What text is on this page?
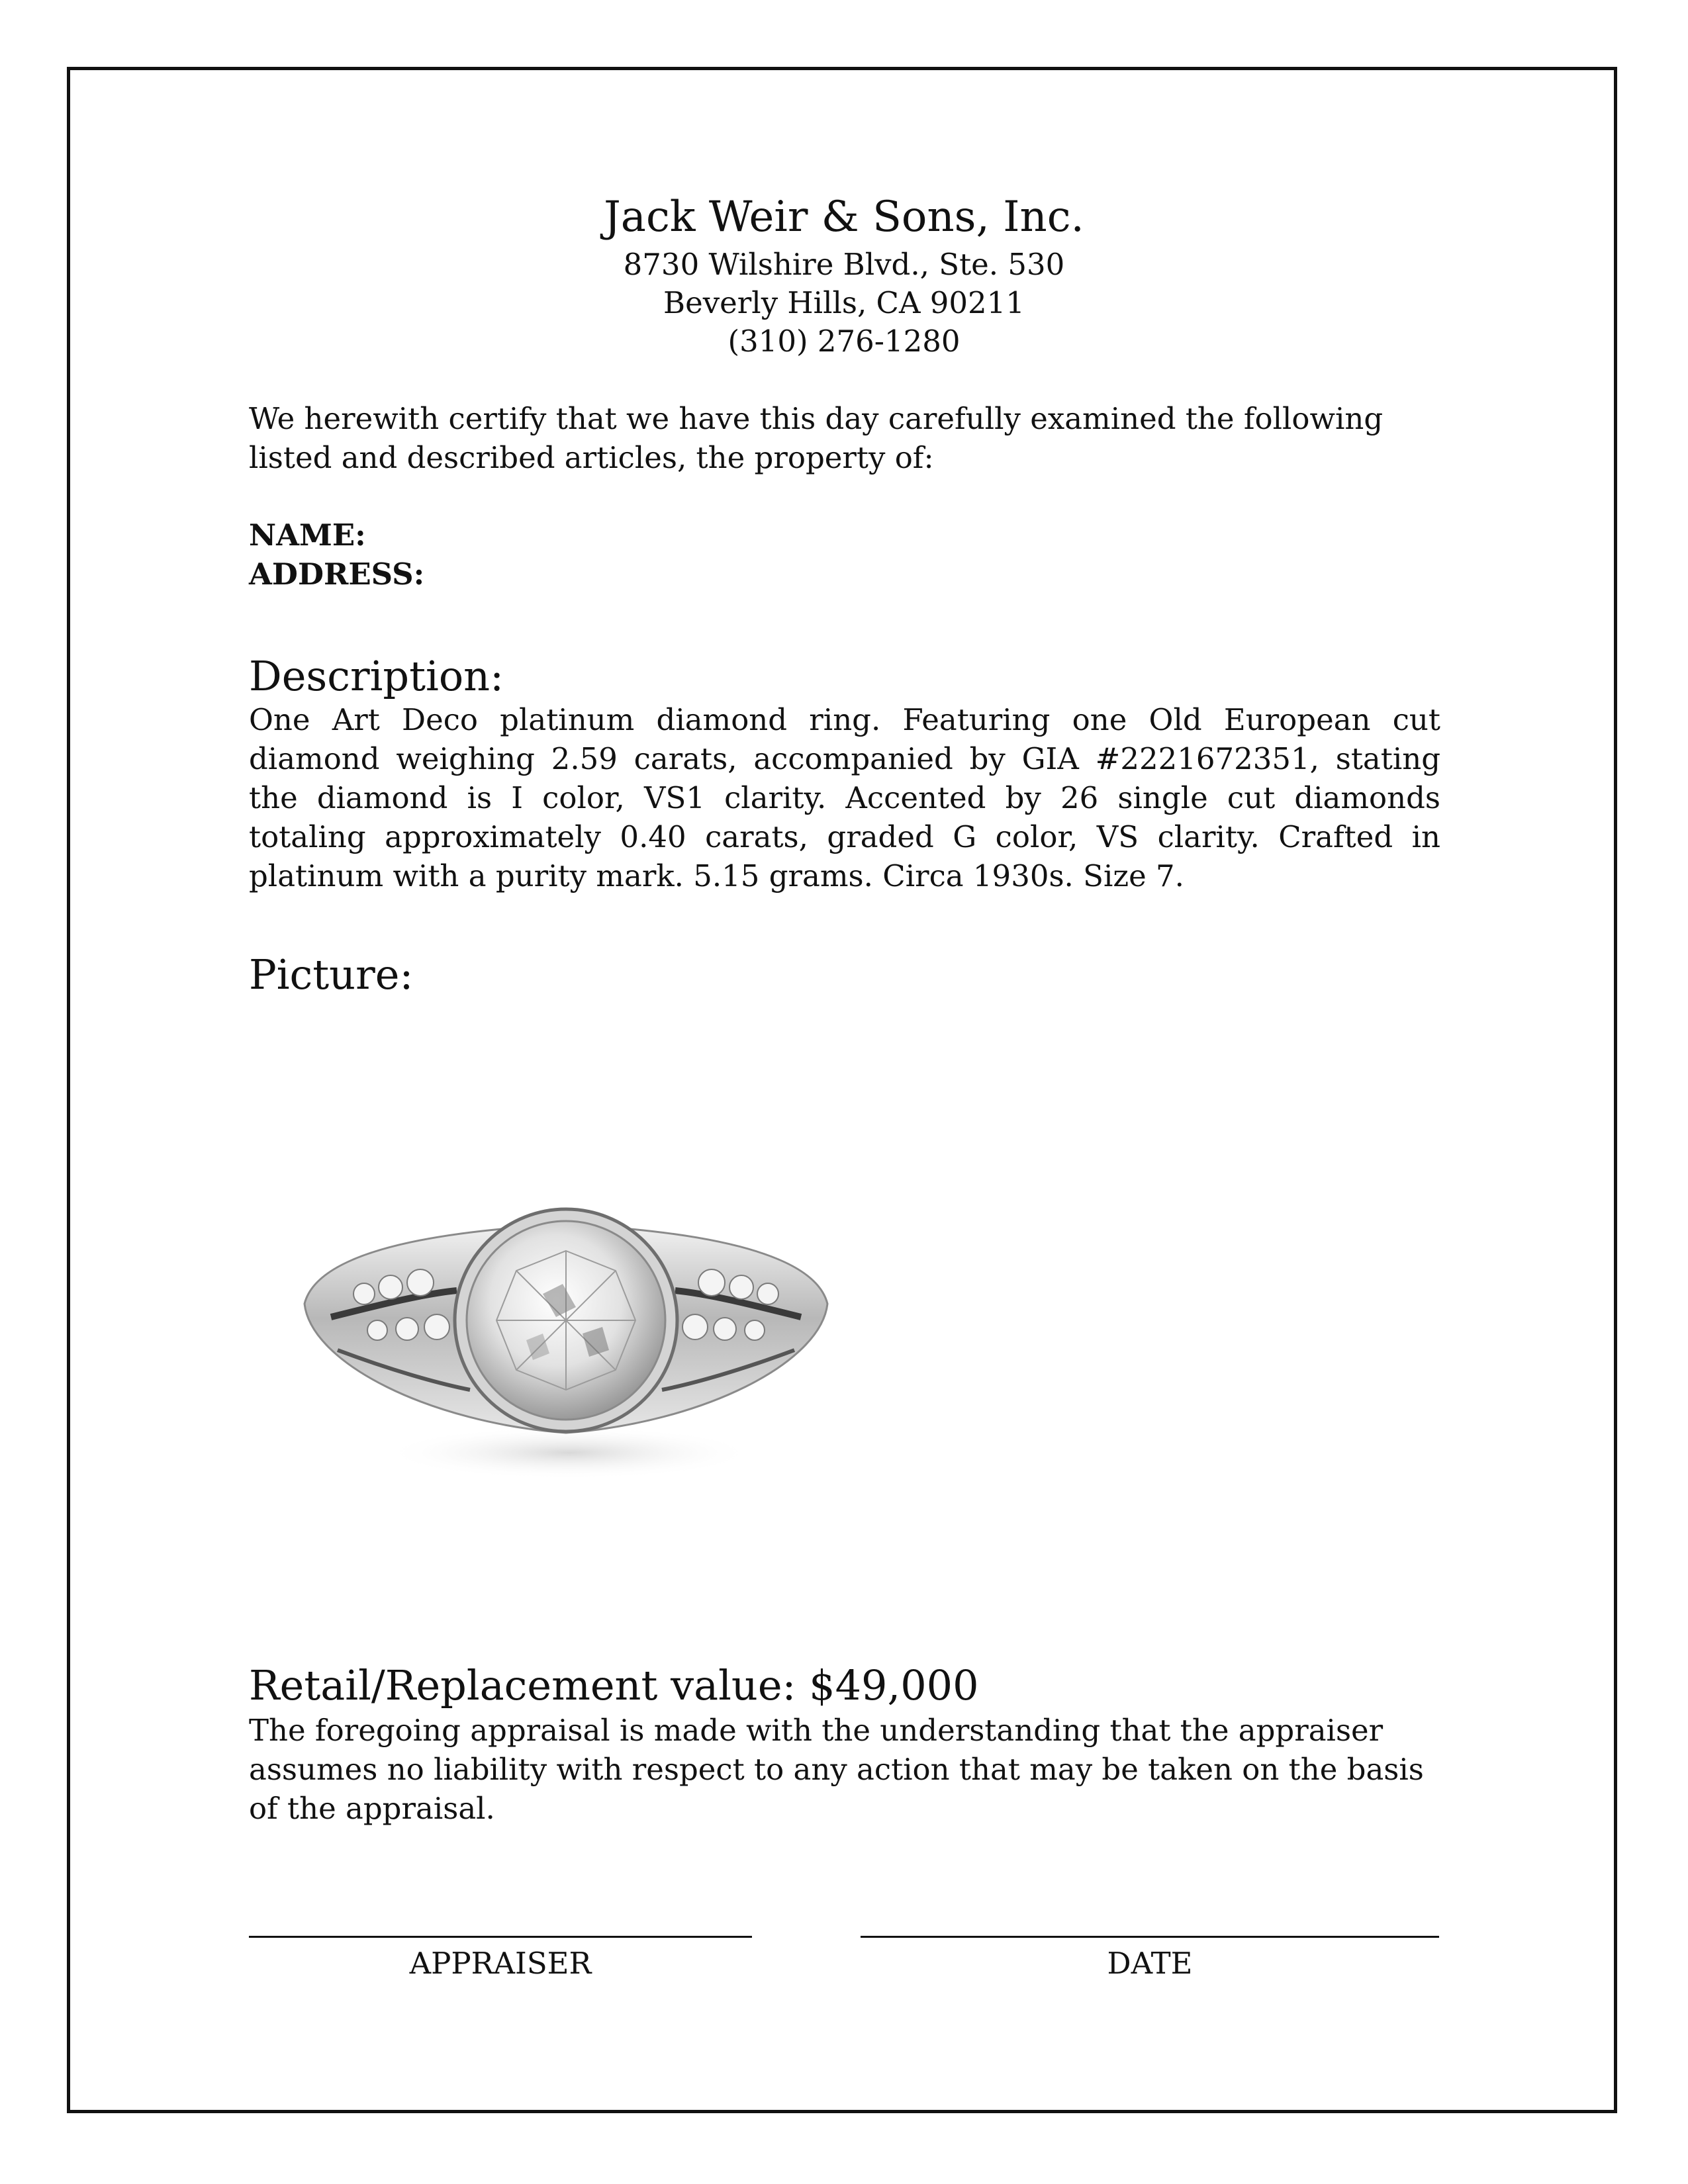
Jack Weir & Sons, Inc.
8730 Wilshire Blvd., Ste. 530
Beverly Hills, CA 90211
(310) 276-1280
We herewith certify that we have this day carefully examined the following listed and described articles, the property of:
NAME:
ADDRESS:
Description:
One Art Deco platinum diamond ring. Featuring one Old European cut diamond weighing 2.59 carats, accompanied by GIA #2221672351, stating the diamond is I color, VS1 clarity. Accented by 26 single cut diamonds totaling approximately 0.40 carats, graded G color, VS clarity. Crafted in platinum with a purity mark. 5.15 grams. Circa 1930s. Size 7.
Picture:
Retail/Replacement value: $49,000
The foregoing appraisal is made with the understanding that the appraiser assumes no liability with respect to any action that may be taken on the basis of the appraisal.
APPRAISER	DATE
